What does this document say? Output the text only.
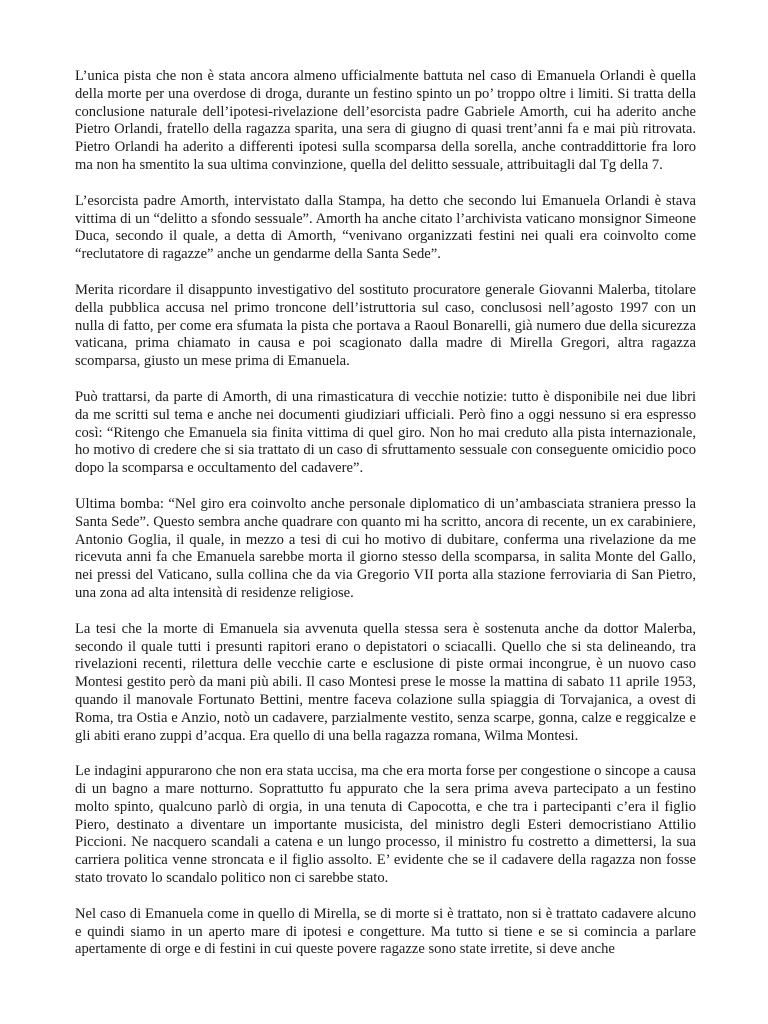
L’unica pista che non è stata ancora almeno ufficialmente battuta nel caso di Emanuela Orlandi è quella della morte per una overdose di droga, durante un festino spinto un po’ troppo oltre i limiti. Si tratta della conclusione naturale dell’ipotesi-rivelazione dell’esorcista padre Gabriele Amorth, cui ha aderito anche Pietro Orlandi, fratello della ragazza sparita, una sera di giugno di quasi trent’anni fa e mai più ritrovata. Pietro Orlandi ha aderito a differenti ipotesi sulla scomparsa della sorella, anche contraddittorie fra loro ma non ha smentito la sua ultima convinzione, quella del delitto sessuale, attribuitagli dal Tg della 7.

L’esorcista padre Amorth, intervistato dalla Stampa, ha detto che secondo lui Emanuela Orlandi è stava vittima di un “delitto a sfondo sessuale”. Amorth ha anche citato l’archivista vaticano monsignor Simeone Duca, secondo il quale, a detta di Amorth, “venivano organizzati festini nei quali era coinvolto come “reclutatore di ragazze” anche un gendarme della Santa Sede”.

Merita ricordare il disappunto investigativo del sostituto procuratore generale Giovanni Malerba, titolare della pubblica accusa nel primo troncone dell’istruttoria sul caso, conclusosi nell’agosto 1997 con un nulla di fatto, per come era sfumata la pista che portava a Raoul Bonarelli, già numero due della sicurezza vaticana, prima chiamato in causa e poi scagionato dalla madre di Mirella Gregori, altra ragazza scomparsa, giusto un mese prima di Emanuela.

Può trattarsi, da parte di Amorth, di una rimasticatura di vecchie notizie: tutto è disponibile nei due libri da me scritti sul tema e anche nei documenti giudiziari ufficiali. Però fino a oggi nessuno si era espresso così: “Ritengo che Emanuela sia finita vittima di quel giro. Non ho mai creduto alla pista internazionale, ho motivo di credere che si sia trattato di un caso di sfruttamento sessuale con conseguente omicidio poco dopo la scomparsa e occultamento del cadavere”.

Ultima bomba: “Nel giro era coinvolto anche personale diplomatico di un’ambasciata straniera presso la Santa Sede”. Questo sembra anche quadrare con quanto mi ha scritto, ancora di recente, un ex carabiniere, Antonio Goglia, il quale, in mezzo a tesi di cui ho motivo di dubitare, conferma una rivelazione da me ricevuta anni fa che Emanuela sarebbe morta il giorno stesso della scomparsa, in salita Monte del Gallo, nei pressi del Vaticano, sulla collina che da via Gregorio VII porta alla stazione ferroviaria di San Pietro, una zona ad alta intensità di residenze religiose.

La tesi che la morte di Emanuela sia avvenuta quella stessa sera è sostenuta anche da dottor Malerba, secondo il quale tutti i presunti rapitori erano o depistatori o sciacalli. Quello che si sta delineando, tra rivelazioni recenti, rilettura delle vecchie carte e esclusione di piste ormai incongrue, è un nuovo caso Montesi gestito però da mani più abili. Il caso Montesi prese le mosse la mattina di sabato 11 aprile 1953, quando il manovale Fortunato Bettini, mentre faceva colazione sulla spiaggia di Torvajanica, a ovest di Roma, tra Ostia e Anzio, notò un cadavere, parzialmente vestito, senza scarpe, gonna, calze e reggicalze e gli abiti erano zuppi d’acqua. Era quello di una bella ragazza romana, Wilma Montesi.

Le indagini appurarono che non era stata uccisa, ma che era morta forse per congestione o sincope a causa di un bagno a mare notturno. Soprattutto fu appurato che la sera prima aveva partecipato a un festino molto spinto, qualcuno parlò di orgia, in una tenuta di Capocotta, e che tra i partecipanti c’era il figlio Piero, destinato a diventare un importante musicista, del ministro degli Esteri democristiano Attilio Piccioni. Ne nacquero scandali a catena e un lungo processo, il ministro fu costretto a dimettersi, la sua carriera politica venne stroncata e il figlio assolto. E’ evidente che se il cadavere della ragazza non fosse stato trovato lo scandalo politico non ci sarebbe stato.

Nel caso di Emanuela come in quello di Mirella, se di morte si è trattato, non si è trattato cadavere alcuno e quindi siamo in un aperto mare di ipotesi e congetture. Ma tutto si tiene e se si comincia a parlare apertamente di orge e di festini in cui queste povere ragazze sono state irretite, si deve anche
